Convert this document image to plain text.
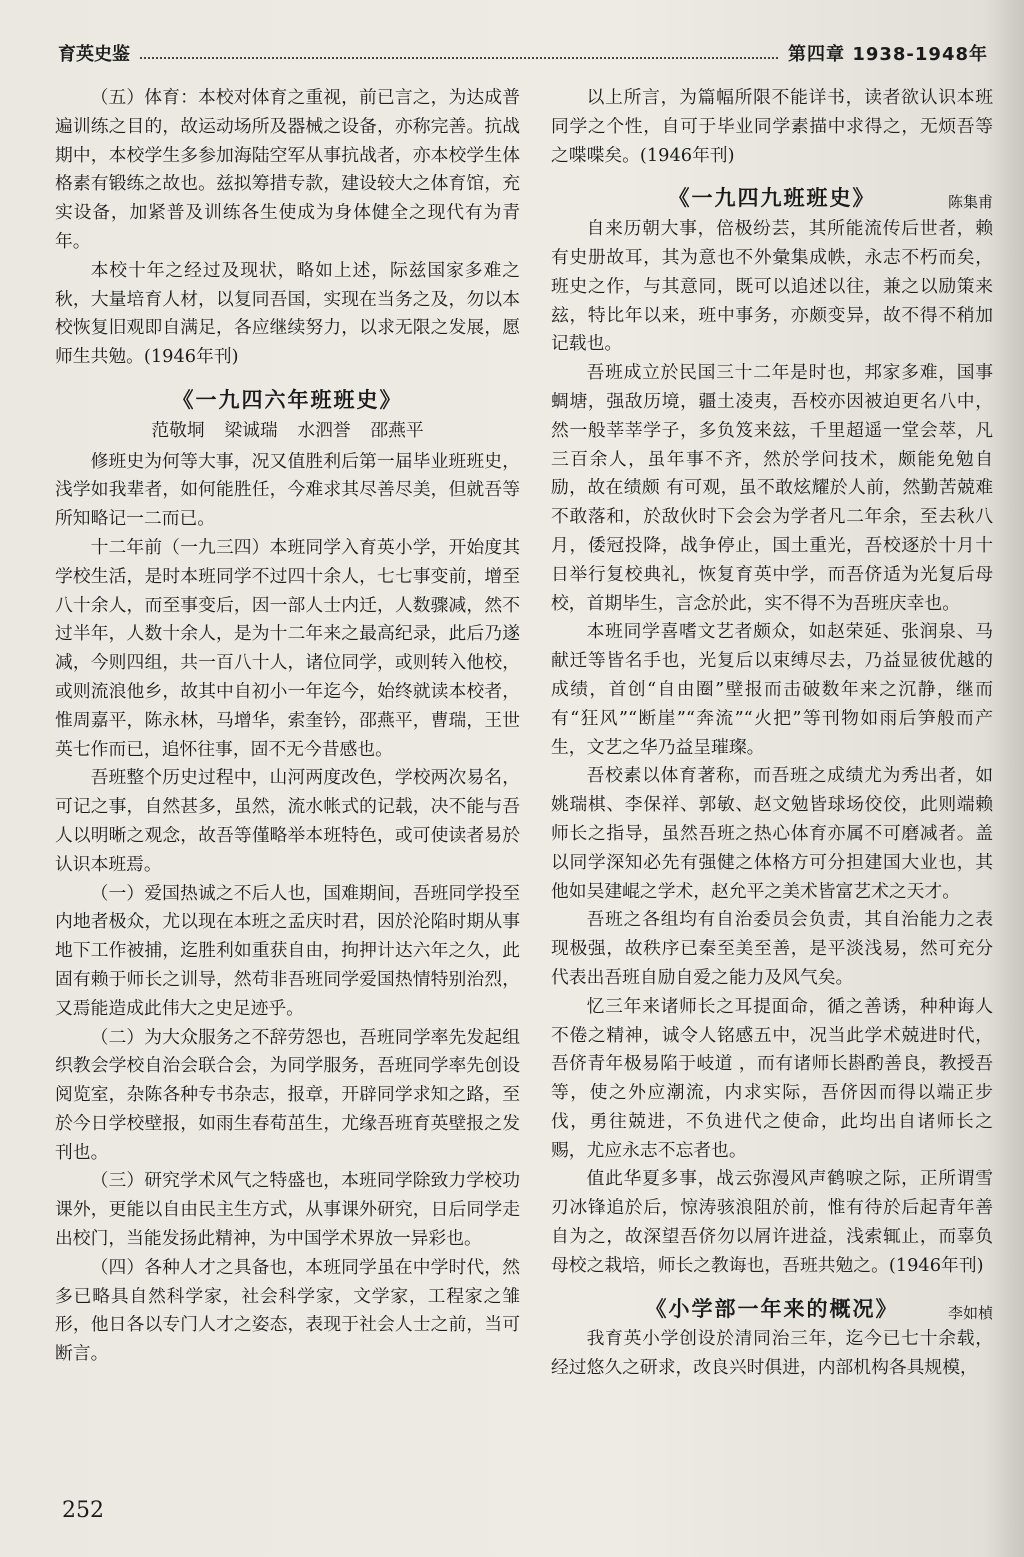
育英史鉴	第四章 1938-1948年

（五）体育：本校对体育之重视，前已言之，为达成普遍训练之目的，故运动场所及器械之设备，亦称完善。抗战期中，本校学生多参加海陆空军从事抗战者，亦本校学生体格素有锻练之故也。兹拟筹措专款，建设较大之体育馆，充实设备，加紧普及训练各生使成为身体健全之现代有为青年。

本校十年之经过及现状，略如上述，际兹国家多难之秋，大量培育人材，以复同吾国，实现在当务之及，勿以本校恢复旧观即自满足，各应继续努力，以求无限之发展，愿师生共勉。(1946年刊)

《一九四六年班班史》
范敬垌 梁诚瑞 水泗誉 邵燕平

修班史为何等大事，况又值胜利后第一届毕业班班史，浅学如我辈者，如何能胜任，今难求其尽善尽美，但就吾等所知略记一二而已。

十二年前（一九三四）本班同学入育英小学，开始度其学校生活，是时本班同学不过四十余人，七七事变前，增至八十余人，而至事变后，因一部人士内迁，人数骤减，然不过半年，人数十余人，是为十二年来之最高纪录，此后乃遂减，今则四组，共一百八十人，诸位同学，或则转入他校，或则流浪他乡，故其中自初小一年迄今，始终就读本校者，惟周嘉平，陈永林，马增华，索奎钤，邵燕平，曹瑞，王世英七作而已，追怀往事，固不无今昔感也。

吾班整个历史过程中，山河两度改色，学校两次易名，可记之事，自然甚多，虽然，流水帐式的记载，决不能与吾人以明晰之观念，故吾等僅略举本班特色，或可使读者易於认识本班焉。

（一）爱国热诚之不后人也，国难期间，吾班同学投至内地者极众，尤以现在本班之孟庆时君，因於沦陷时期从事地下工作被捕，迄胜利如重获自由，拘押计达六年之久，此固有赖于师长之训导，然苟非吾班同学爱国热情特别治烈，又焉能造成此伟大之史足迹乎。

（二）为大众服务之不辞劳怨也，吾班同学率先发起组织教会学校自治会联合会，为同学服务，吾班同学率先创设阅览室，杂陈各种专书杂志，报章，开辟同学求知之路，至於今日学校壁报，如雨生春荀茁生，尤缘吾班育英壁报之发刊也。

（三）研究学术风气之特盛也，本班同学除致力学校功课外，更能以自由民主生方式，从事课外研究，日后同学走出校门，当能发扬此精神，为中国学术界放一异彩也。

（四）各种人才之具备也，本班同学虽在中学时代，然多已略具自然科学家，社会科学家，文学家，工程家之雏形，他日各以专门人才之姿态，表现于社会人士之前，当可断言。

以上所言，为篇幅所限不能详书，读者欲认识本班同学之个性，自可于毕业同学素描中求得之，无烦吾等之喋喋矣。(1946年刊)

《一九四九班班史》	陈集甫

自来历朝大事，倍极纷芸，其所能流传后世者，赖有史册故耳，其为意也不外彙集成帙，永志不朽而矣，班史之作，与其意同，既可以追述以往，兼之以励策来玆，特比年以来，班中事务，亦颇变异，故不得不稍加记载也。

吾班成立於民国三十二年是时也，邦家多难，国事蜩塘，强敌历境，疆土凌夷，吾校亦因被迫更名八中，然一般莘莘学子，多负笈来玆，千里超遥一堂会萃，凡三百余人，虽年事不齐，然於学问技术，颇能免勉自励，故在绩颇 有可观，虽不敢炫耀於人前，然勤苦兢难不敢落和，於敌伙时下会会为学者凡二年余，至去秋八月，倭冠投降，战争停止，国土重光，吾校逐於十月十日举行复校典礼，恢复育英中学，而吾侪适为光复后母校，首期毕生，言念於此，实不得不为吾班庆幸也。

本班同学喜嗜文艺者颇众，如赵荣延、张润泉、马献迁等皆名手也，光复后以束缚尽去，乃益显彼优越的成绩，首创“自由圈”壁报而击破数年来之沉静，继而有“狂风”“断崖”“奔流”“火把”等刊物如雨后笋般而产生，文艺之华乃益呈璀璨。

吾校素以体育著称，而吾班之成绩尤为秀出者，如姚瑞棋、李保祥、郭敏、赵文勉皆球场佼佼，此则端赖师长之指导，虽然吾班之热心体育亦属不可磨减者。盖以同学深知必先有强健之体格方可分担建国大业也，其他如吴建崐之学术，赵允平之美术皆富艺术之天才。

吾班之各组均有自治委员会负责，其自治能力之表现极强，故秩序已秦至美至善，是平淡浅易，然可充分代表出吾班自励自爱之能力及风气矣。

忆三年来诸师长之耳提面命，循之善诱，种种诲人不倦之精神，诚令人铭感五中，况当此学术兢进时代，吾侪青年极易陷于岐道 ，而有诸师长斟酌善良，教授吾等，使之外应潮流，内求实际，吾侪因而得以端正步伐，勇往兢进，不负进代之使命，此均出自诸师长之赐，尤应永志不忘者也。

值此华夏多事，战云弥漫风声鹤唳之际，正所谓雪刃冰锋追於后，惊涛骇浪阻於前，惟有待於后起青年善自为之，故深望吾侪勿以屑许进益，浅索辄止，而辜负母校之栽培，师长之教诲也，吾班共勉之。(1946年刊)

《小学部一年来的概况》	李如楨

我育英小学创设於清同治三年，迄今已七十余载，经过悠久之研求，改良兴时俱进，内部机构各具规模，

252
